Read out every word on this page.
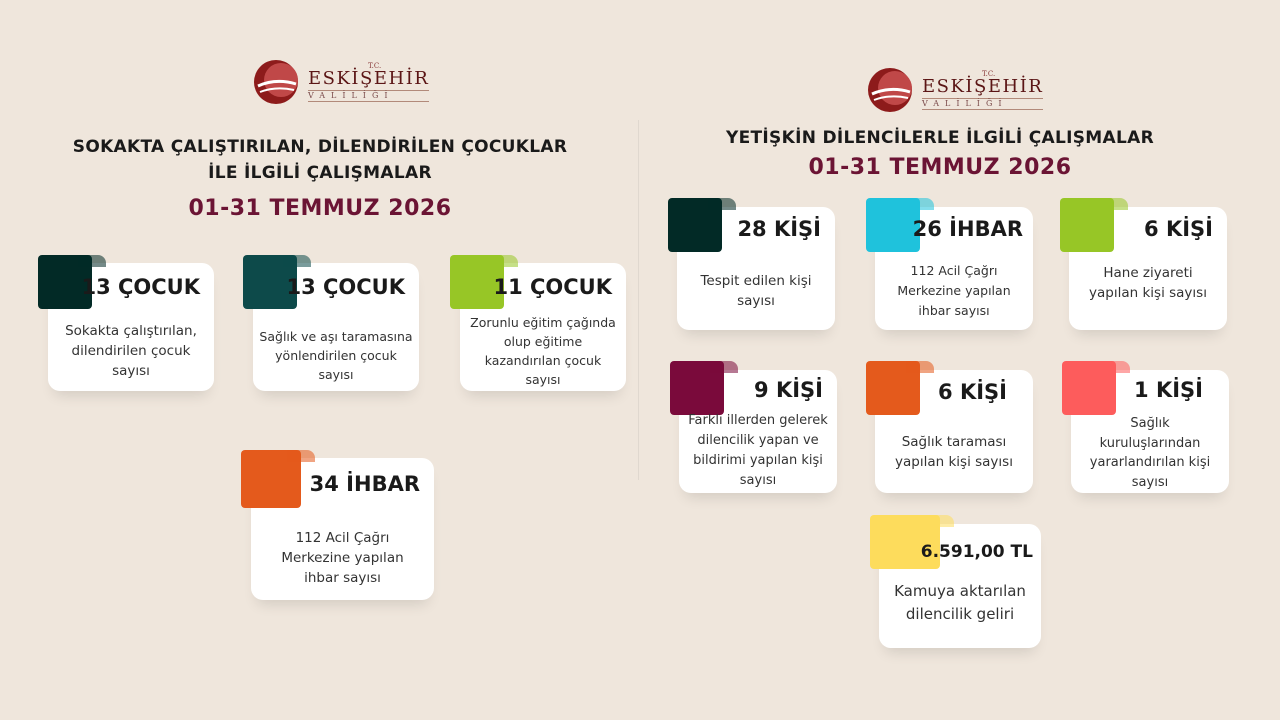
T.C.
ESKİŞEHİR
VALİLİĞİ
SOKAKTA ÇALIŞTIRILAN, DİLENDİRİLEN ÇOCUKLAR
İLE İLGİLİ ÇALIŞMALAR
01-31 TEMMUZ 2026
13 ÇOCUK
Sokakta çalıştırılan, dilendirilen çocuk sayısı
13 ÇOCUK
Sağlık ve aşı taramasına yönlendirilen çocuk sayısı
11 ÇOCUK
Zorunlu eğitim çağında olup eğitime kazandırılan çocuk sayısı
34 İHBAR
112 Acil Çağrı Merkezine yapılan ihbar sayısı
T.C.
ESKİŞEHİR
VALİLİĞİ
YETİŞKİN DİLENCİLERLE İLGİLİ ÇALIŞMALAR
01-31 TEMMUZ 2026
28 KİŞİ
Tespit edilen kişi sayısı
26 İHBAR
112 Acil Çağrı Merkezine yapılan ihbar sayısı
6 KİŞİ
Hane ziyareti yapılan kişi sayısı
9 KİŞİ
Farklı illerden gelerek dilencilik yapan ve bildirimi yapılan kişi sayısı
6 KİŞİ
Sağlık taraması yapılan kişi sayısı
1 KİŞİ
Sağlık kuruluşlarından yararlandırılan kişi sayısı
6.591,00 TL
Kamuya aktarılan dilencilik geliri
